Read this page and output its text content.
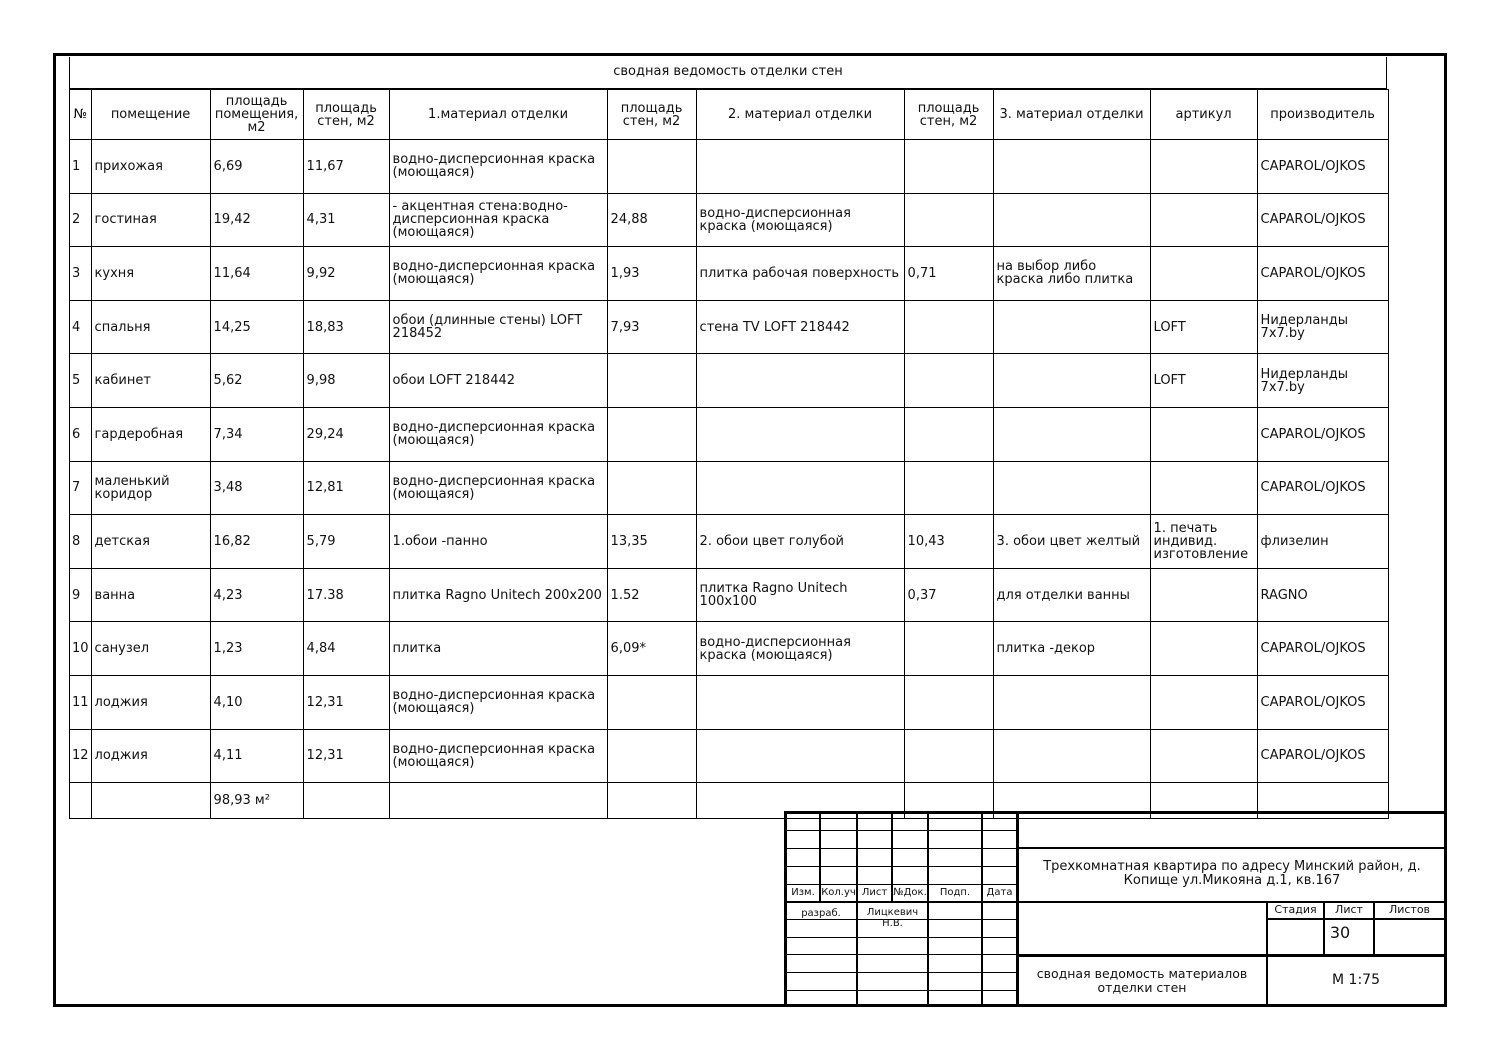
сводная ведомость отделки стен
№	помещение	площадь помещения, м2	площадь стен, м2	1.материал отделки	площадь стен, м2	2. материал отделки	площадь стен, м2	3. материал отделки	артикул	производитель
1	прихожая	6,69	11,67	водно-дисперсионная краска (моющаяся)						CAPAROL/OJKOS
2	гостиная	19,42	4,31	- акцентная стена:водно-дисперсионная краска (моющаяся)	24,88	водно-дисперсионная краска (моющаяся)				CAPAROL/OJKOS
3	кухня	11,64	9,92	водно-дисперсионная краска (моющаяся)	1,93	плитка рабочая поверхность	0,71	на выбор либо краска либо плитка		CAPAROL/OJKOS
4	спальня	14,25	18,83	обои (длинные стены) LOFT 218452	7,93	стена TV LOFT 218442			LOFT	Нидерланды 7х7.by
5	кабинет	5,62	9,98	обои LOFT 218442					LOFT	Нидерланды 7х7.by
6	гардеробная	7,34	29,24	водно-дисперсионная краска (моющаяся)						CAPAROL/OJKOS
7	маленький коридор	3,48	12,81	водно-дисперсионная краска (моющаяся)						CAPAROL/OJKOS
8	детская	16,82	5,79	1.обои -панно	13,35	2. обои цвет голубой	10,43	3. обои цвет желтый	1. печать индивид. изготовление	флизелин
9	ванна	4,23	17.38	плитка Ragno Unitech 200х200	1.52	плитка Ragno Unitech 100х100	0,37	для отделки ванны		RAGNO
10	санузел	1,23	4,84	плитка	6,09*	водно-дисперсионная краска (моющаяся)		плитка -декор		CAPAROL/OJKOS
11	лоджия	4,10	12,31	водно-дисперсионная краска (моющаяся)						CAPAROL/OJKOS
12	лоджия	4,11	12,31	водно-дисперсионная краска (моющаяся)						CAPAROL/OJKOS
		98,93 м²								
Изм. Кол.уч Лист №Док.	Подп.	Дата
разраб.	Лицкевич Н.В.
Трехкомнатная квартира по адресу Минский район, д. Копище ул.Микояна д.1, кв.167
сводная ведомость материалов отделки стен
Стадия	Лист	Листов
30
М 1:75
